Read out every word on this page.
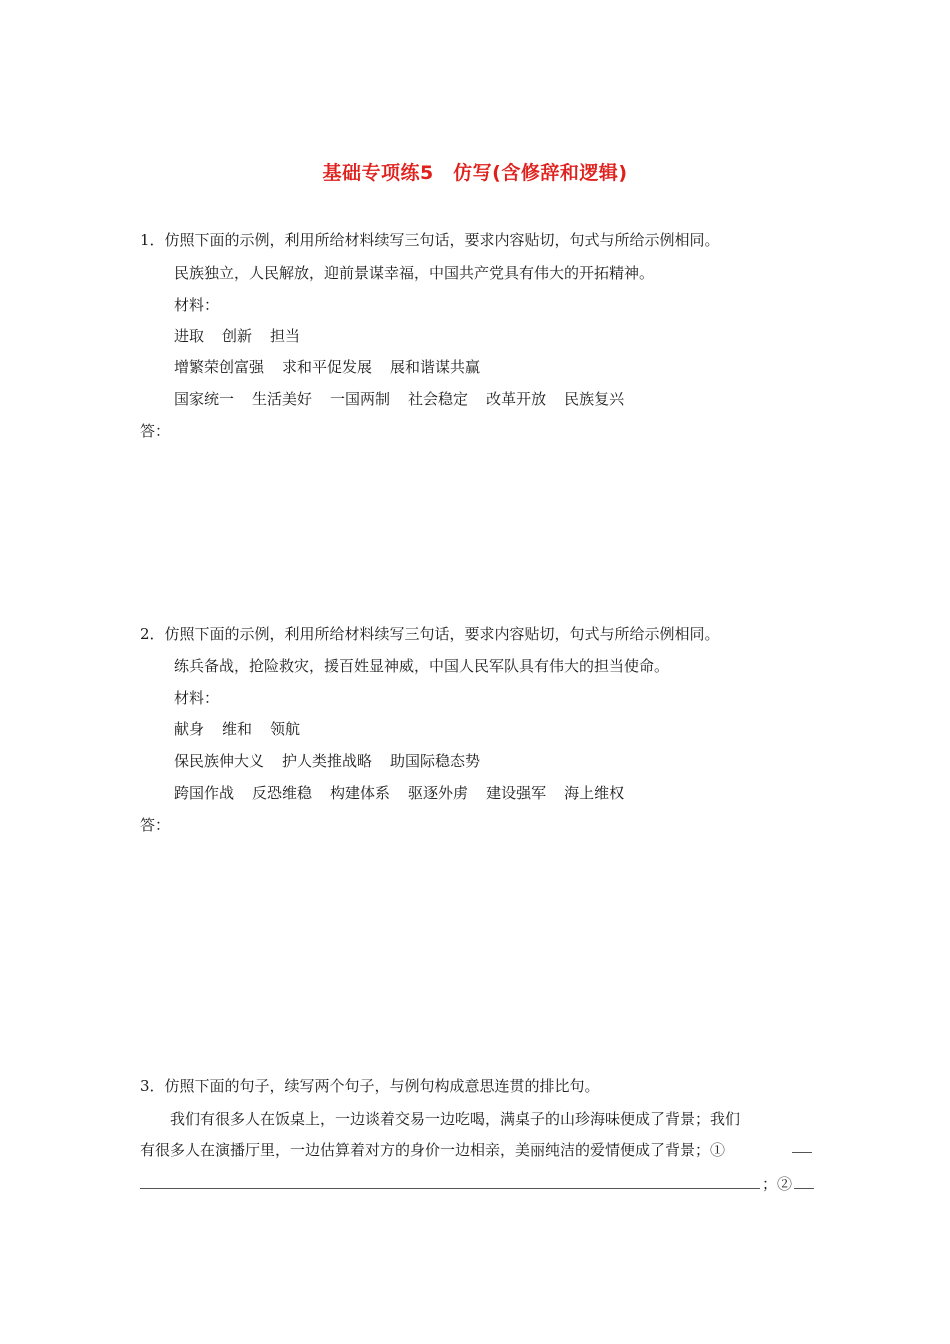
基础专项练5　仿写(含修辞和逻辑)
1．仿照下面的示例，利用所给材料续写三句话，要求内容贴切，句式与所给示例相同。
民族独立，人民解放，迎前景谋幸福，中国共产党具有伟大的开拓精神。
材料：
进取 创新 担当
增繁荣创富强 求和平促发展 展和谐谋共赢
国家统一 生活美好 一国两制 社会稳定 改革开放 民族复兴
答：
2．仿照下面的示例，利用所给材料续写三句话，要求内容贴切，句式与所给示例相同。
练兵备战，抢险救灾，援百姓显神威，中国人民军队具有伟大的担当使命。
材料：
献身 维和 领航
保民族伸大义 护人类推战略 助国际稳态势
跨国作战 反恐维稳 构建体系 驱逐外虏 建设强军 海上维权
答：
3．仿照下面的句子，续写两个句子，与例句构成意思连贯的排比句。
　　我们有很多人在饭桌上，一边谈着交易一边吃喝，满桌子的山珍海味便成了背景；我们
有很多人在演播厅里，一边估算着对方的身价一边相亲，美丽纯洁的爱情便成了背景；①
；②
